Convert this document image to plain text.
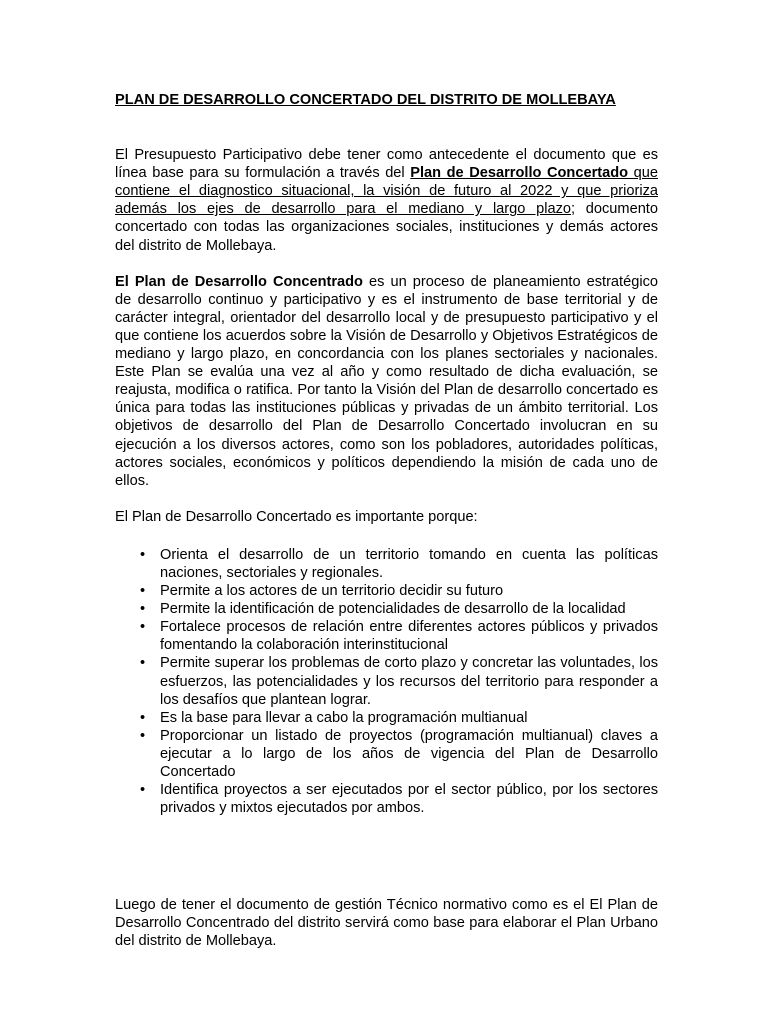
PLAN DE DESARROLLO CONCERTADO DEL DISTRITO DE MOLLEBAYA

El Presupuesto Participativo debe tener como antecedente el documento que es línea base para su formulación a través del Plan de Desarrollo Concertado que contiene el diagnostico situacional, la visión de futuro al 2022 y que prioriza además los ejes de desarrollo para el mediano y largo plazo; documento concertado con todas las organizaciones sociales, instituciones y demás actores del distrito de Mollebaya.

El Plan de Desarrollo Concentrado es un proceso de planeamiento estratégico de desarrollo continuo y participativo y es el instrumento de base territorial y de carácter integral, orientador del desarrollo local y de presupuesto participativo y el que contiene los acuerdos sobre la Visión de Desarrollo y Objetivos Estratégicos de mediano y largo plazo, en concordancia con los planes sectoriales y nacionales. Este Plan se evalúa una vez al año y como resultado de dicha evaluación, se reajusta, modifica o ratifica. Por tanto la Visión del Plan de desarrollo concertado es única para todas las instituciones públicas y privadas de un ámbito territorial. Los objetivos de desarrollo del Plan de Desarrollo Concertado involucran en su ejecución a los diversos actores, como son los pobladores, autoridades políticas, actores sociales, económicos y políticos dependiendo la misión de cada uno de ellos.

El Plan de Desarrollo Concertado es importante porque:

• Orienta el desarrollo de un territorio tomando en cuenta las políticas naciones, sectoriales y regionales.
• Permite a los actores de un territorio decidir su futuro
• Permite la identificación de potencialidades de desarrollo de la localidad
• Fortalece procesos de relación entre diferentes actores públicos y privados fomentando la colaboración interinstitucional
• Permite superar los problemas de corto plazo y concretar las voluntades, los esfuerzos, las potencialidades y los recursos del territorio para responder a los desafíos que plantean lograr.
• Es la base para llevar a cabo la programación multianual
• Proporcionar un listado de proyectos (programación multianual) claves a ejecutar a lo largo de los años de vigencia del Plan de Desarrollo Concertado
• Identifica proyectos a ser ejecutados por el sector público, por los sectores privados y mixtos ejecutados por ambos.

Luego de tener el documento de gestión Técnico normativo como es el El Plan de Desarrollo Concentrado del distrito servirá como base para elaborar el Plan Urbano del distrito de Mollebaya.
